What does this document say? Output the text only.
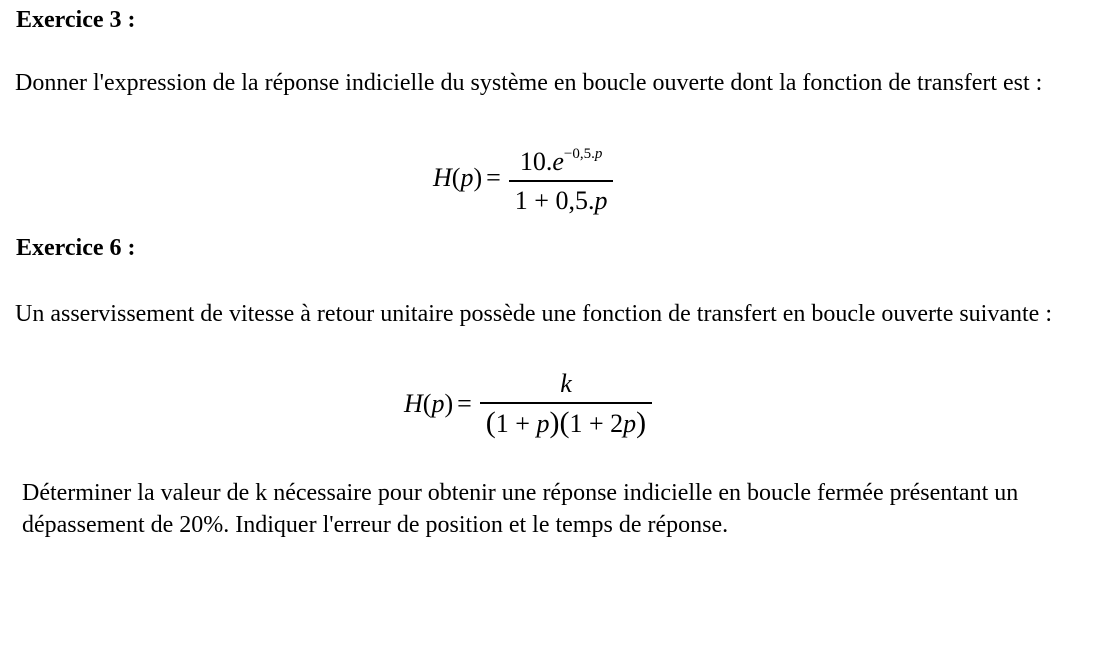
Exercice 3 :
Donner l'expression de la réponse indicielle du système en boucle ouverte dont la fonction de transfert est :
$H(p) = \frac{10.e^{-0,5.p}}{1 + 0,5.p}$
Exercice 6 :
Un asservissement de vitesse à retour unitaire possède une fonction de transfert en boucle ouverte suivante :
$H(p) = \frac{k}{(1 + p)(1 + 2p)}$
Déterminer la valeur de k nécessaire pour obtenir une réponse indicielle en boucle fermée présentant un dépassement de 20%. Indiquer l'erreur de position et le temps de réponse.
